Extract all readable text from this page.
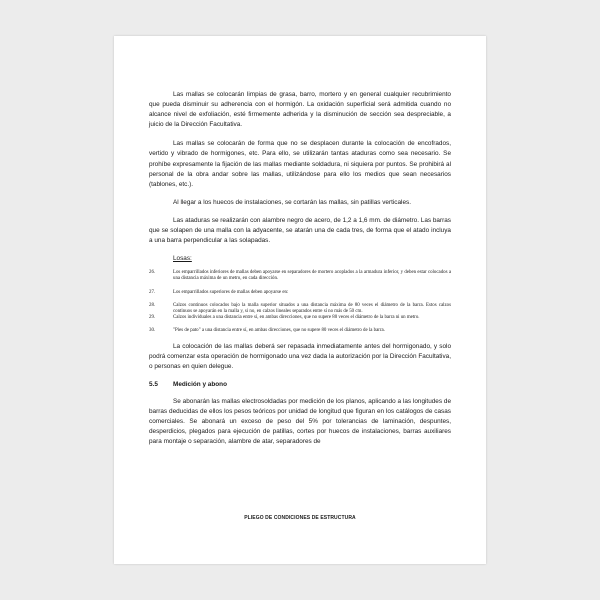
Las mallas se colocarán limpias de grasa, barro, mortero y en general cualquier recubrimiento que pueda disminuir su adherencia con el hormigón. La oxidación superficial será admitida cuando no alcance nivel de exfoliación, esté firmemente adherida y la disminución de sección sea despreciable, a juicio de la Dirección Facultativa.

Las mallas se colocarán de forma que no se desplacen durante la colocación de encofrados, vertido y vibrado de hormigones, etc. Para ello, se utilizarán tantas ataduras como sea necesario. Se prohíbe expresamente la fijación de las mallas mediante soldadura, ni siquiera por puntos. Se prohibirá al personal de la obra andar sobre las mallas, utilizándose para ello los medios que sean necesarios (tablones, etc.).

Al llegar a los huecos de instalaciones, se cortarán las mallas, sin patillas verticales.

Las ataduras se realizarán con alambre negro de acero, de 1,2 a 1,6 mm. de diámetro. Las barras que se solapen de una malla con la adyacente, se atarán una de cada tres, de forma que el atado incluya a una barra perpendicular a las solapadas.

Losas:
26.	Los emparrillados inferiores de mallas deben apoyarse en separadores de mortero acoplados a la armadura inferior, y deben estar colocados a una distancia máxima de un metro, en cada dirección.
27.	Los emparrillados superiores de mallas deben apoyarse en:
28.	Calzos continuos colocados bajo la malla superior situados a una distancia máxima de 80 veces el diámetro de la barra. Estos calzos continuos se apoyarán en la malla y, si no, en calzos lineales separados entre sí no más de 50 cm.
29.	Calzos individuales a una distancia entre sí, en ambas direcciones, que no supere 80 veces el diámetro de la barra ni un metro.
30.	"Pies de pato" a una distancia entre sí, en ambas direcciones, que no supere 80 veces el diámetro de la barra.

La colocación de las mallas deberá ser repasada inmediatamente antes del hormigonado, y solo podrá comenzar esta operación de hormigonado una vez dada la autorización por la Dirección Facultativa, o personas en quien delegue.

5.5	Medición y abono

Se abonarán las mallas electrosoldadas por medición de los planos, aplicando a las longitudes de barras deducidas de ellos los pesos teóricos por unidad de longitud que figuran en los catálogos de casas comerciales. Se abonará un exceso de peso del 5% por tolerancias de laminación, despuntes, desperdicios, plegados para ejecución de patillas, cortes por huecos de instalaciones, barras auxiliares para montaje o separación, alambre de atar, separadores de

PLIEGO DE CONDICIONES DE ESTRUCTURA
